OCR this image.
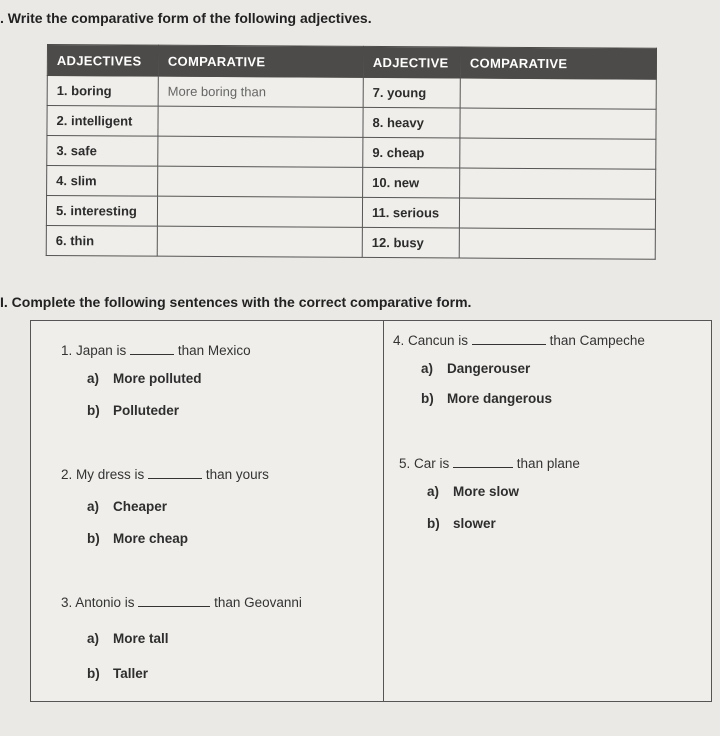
. Write the comparative form of the following adjectives.
ADJECTIVES	COMPARATIVE	ADJECTIVE	COMPARATIVE
1. boring	More boring than	7. young	
2. intelligent		8. heavy	
3. safe		9. cheap	
4. slim		10. new	
5. interesting		11. serious	
6. thin		12. busy	
I. Complete the following sentences with the correct comparative form.
1. Japan is	than Mexico
a) More polluted
b) Polluteder
2. My dress is	than yours
a) Cheaper
b) More cheap
3. Antonio is	than Geovanni
a) More tall
b) Taller
4. Cancun is	than Campeche
a) Dangerouser
b) More dangerous
5. Car is	than plane
a) More slow
b) slower
